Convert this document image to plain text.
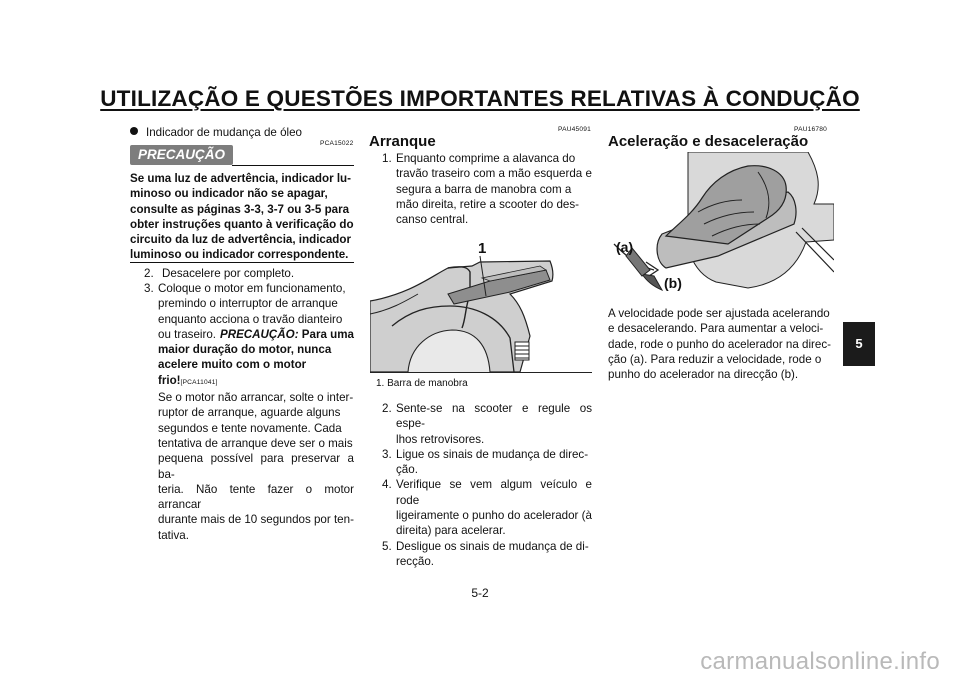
UTILIZAÇÃO E QUESTÕES IMPORTANTES RELATIVAS À CONDUÇÃO
Indicador de mudança de óleo
PCA15022
PRECAUÇÃO
Se uma luz de advertência, indicador lu-
minoso ou indicador não se apagar,
consulte as páginas 3-3, 3-7 ou 3-5 para
obter instruções quanto à verificação do
circuito da luz de advertência, indicador
luminoso ou indicador correspondente.
2. Desacelere por completo.
3. Coloque o motor em funcionamento,
premindo o interruptor de arranque
enquanto acciona o travão dianteiro
ou traseiro. PRECAUÇÃO: Para uma
maior duração do motor, nunca
acelere muito com o motor
frio![PCA11041]
Se o motor não arrancar, solte o inter-
ruptor de arranque, aguarde alguns
segundos e tente novamente. Cada
tentativa de arranque deve ser o mais
pequena possível para preservar a ba-
teria. Não tente fazer o motor arrancar
durante mais de 10 segundos por ten-
tativa.
PAU45091
Arranque
1. Enquanto comprime a alavanca do
travão traseiro com a mão esquerda e
segura a barra de manobra com a
mão direita, retire a scooter do des-
canso central.
1
1. Barra de manobra
2. Sente-se na scooter e regule os espe-
lhos retrovisores.
3. Ligue os sinais de mudança de direc-
ção.
4. Verifique se vem algum veículo e rode
ligeiramente o punho do acelerador (à
direita) para acelerar.
5. Desligue os sinais de mudança de di-
recção.
PAU16780
Aceleração e desaceleração
(a)
(b)
A velocidade pode ser ajustada acelerando
e desacelerando. Para aumentar a veloci-
dade, rode o punho do acelerador na direc-
ção (a). Para reduzir a velocidade, rode o
punho do acelerador na direcção (b).
5
5-2
carmanualsonline.info
